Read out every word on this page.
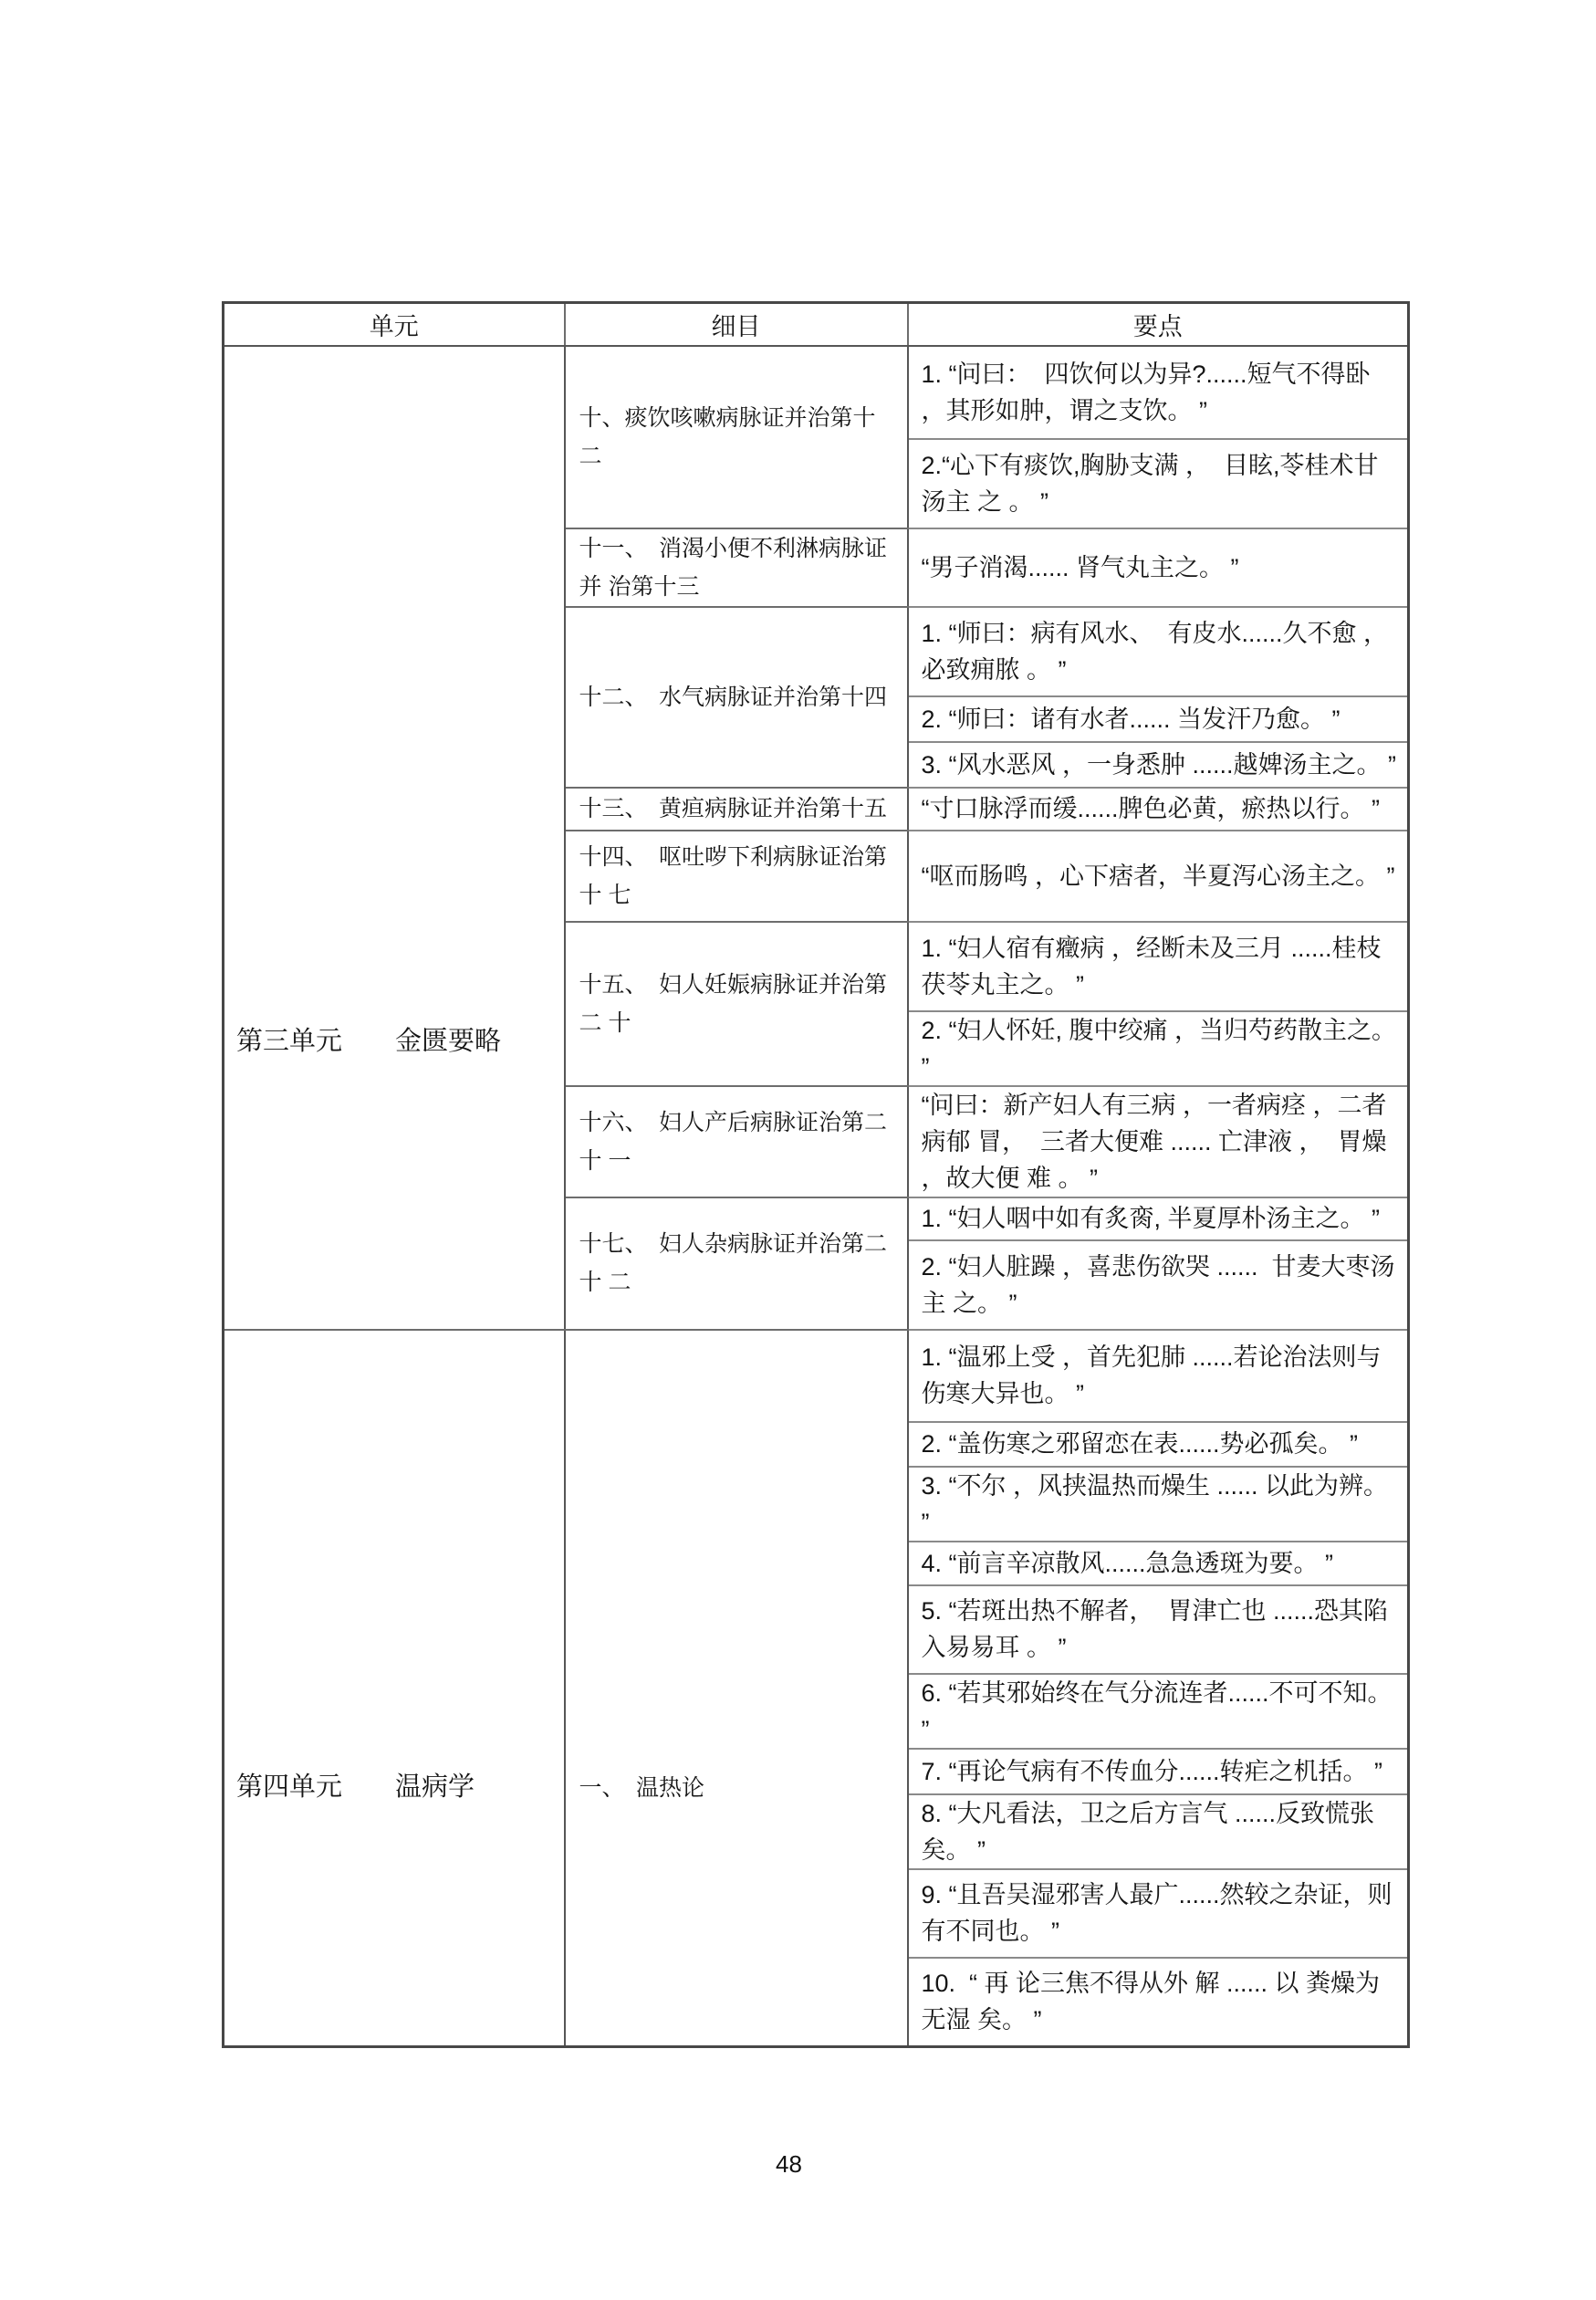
单元	细目	要点

第三单元　　金匮要略	十、痰饮咳嗽病脉证并治第十二	1. “问曰：  四饮何以为异?......短气不得卧 ，其形如肿，谓之支饮。 ”

		2.“心下有痰饮,胸胁支满 ，  目眩,苓桂术甘汤主 之 。 ”

	十一、　消渴小便不利淋病脉证并 治第十三	“男子消渴...... 肾气丸主之。 ”

	十二、　水气病脉证并治第十四	1. “师曰：病有风水、  有皮水......久不愈 ，必致痈脓 。 ”

		2. “师曰：诸有水者...... 当发汗乃愈。 ”

		3. “风水恶风 ，一身悉肿 ......越婢汤主之。 ”

	十三、　黄疸病脉证并治第十五	“寸口脉浮而缓......脾色必黄，瘀热以行。 ”

	十四、　呕吐哕下利病脉证治第 十 七	“呕而肠鸣 ，心下痞者，半夏泻心汤主之。 ”

	十五、　妇人妊娠病脉证并治第 二 十	1. “妇人宿有癥病 ，经断未及三月 ......桂枝茯苓丸主之。 ”

		2. “妇人怀妊, 腹中绞痛 ，当归芍药散主之。 ”

	十六、　妇人产后病脉证治第二十 一	“问曰：新产妇人有三病 ，一者病痉 ，二者病郁 冒，  三者大便难 ...... 亡津液 ，  胃燥 ，故大便 难 。 ”

	十七、　妇人杂病脉证并治第二 十 二	1. “妇人咽中如有炙脔, 半夏厚朴汤主之。 ”

		2. “妇人脏躁 ，喜悲伤欲哭 ......  甘麦大枣汤主 之。 ”

第四单元　　温病学	一、　温热论	1. “温邪上受 ，首先犯肺 ......若论治法则与伤寒大异也。 ”

		2. “盖伤寒之邪留恋在表......势必孤矣。 ”

		3. “不尔 ，风挟温热而燥生 ...... 以此为辨。 ”

		4. “前言辛凉散风......急急透斑为要。 ”

		5. “若斑出热不解者，  胃津亡也 ......恐其陷入易易耳 。 ”

		6. “若其邪始终在气分流连者......不可不知。 ”

		7. “再论气病有不传血分......转疟之机括。 ”

		8. “大凡看法，卫之后方言气 ......反致慌张矣。 ”

		9. “且吾吴湿邪害人最广......然较之杂证，则有不同也。 ”

		10.  “ 再 论三焦不得从外 解 ...... 以 粪燥为无湿 矣。 ”
48
